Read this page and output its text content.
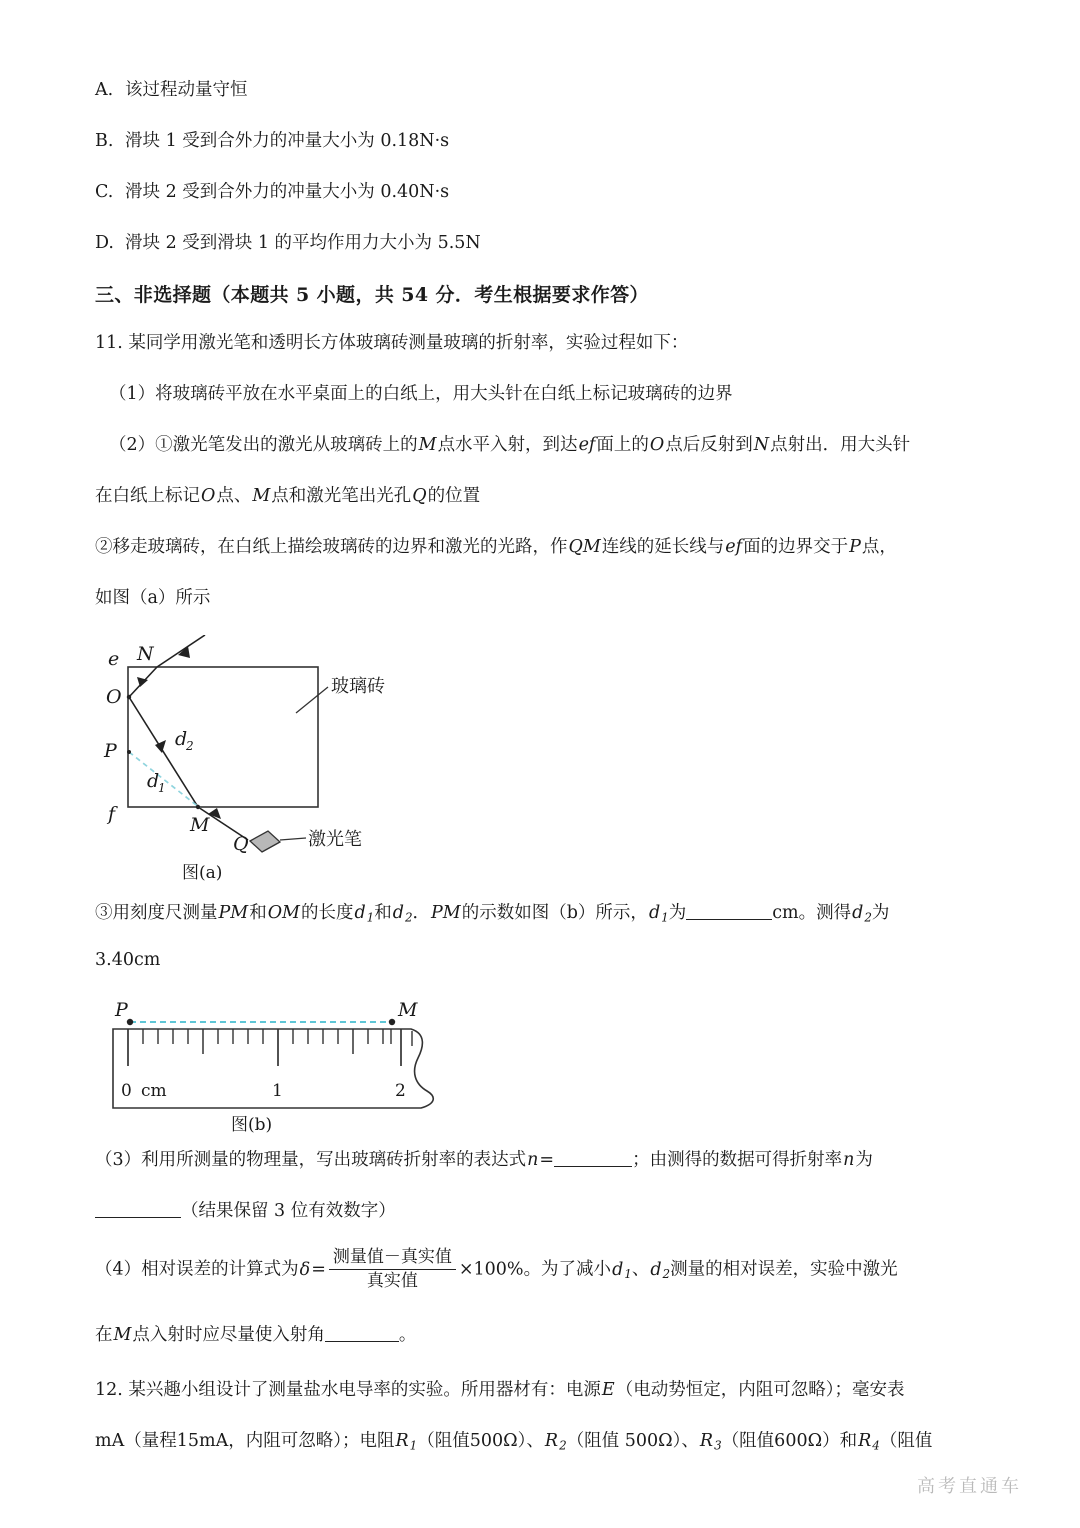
A. 该过程动量守恒
B. 滑块 1 受到合外力的冲量大小为 0.18N·s
C. 滑块 2 受到合外力的冲量大小为 0.40N·s
D. 滑块 2 受到滑块 1 的平均作用力大小为 5.5N
三、非选择题（本题共 5 小题，共 54 分．考生根据要求作答）
11. 某同学用激光笔和透明长方体玻璃砖测量玻璃的折射率，实验过程如下：
（1）将玻璃砖平放在水平桌面上的白纸上，用大头针在白纸上标记玻璃砖的边界
（2）①激光笔发出的激光从玻璃砖上的M点水平入射，到达ef面上的O点后反射到N点射出．用大头针
在白纸上标记O点、M点和激光笔出光孔Q的位置
②移走玻璃砖，在白纸上描绘玻璃砖的边界和激光的光路，作QM连线的延长线与ef面的边界交于P点，
如图（a）所示
e N
O
P
f	M
Q
d
2
d
1
玻璃砖
激光笔
图(a)
③用刻度尺测量PM和OM的长度$d_1$和$d_2$．PM的示数如图（b）所示，$d_1$为	cm。测得$d_2$为
3.40cm
P	M
0 cm	1	2
图(b)
（3）利用所测量的物理量，写出玻璃砖折射率的表达式n=	；由测得的数据可得折射率n为
（结果保留 3 位有效数字）
（4）相对误差的计算式为$\delta= \frac{\text{测量值－真实值}}{\text{真实值}} \times 100\%$。为了减小$d_1$、$d_2$测量的相对误差，实验中激光
在M点入射时应尽量使入射角	。
12. 某兴趣小组设计了测量盐水电导率的实验。所用器材有：电源E（电动势恒定，内阻可忽略）；毫安表
mA（量程15mA，内阻可忽略）；电阻$R_1$（阻值500Ω）、$R_2$（阻值 500Ω）、$R_3$（阻值600Ω）和$R_4$（阻值
高考直通车
